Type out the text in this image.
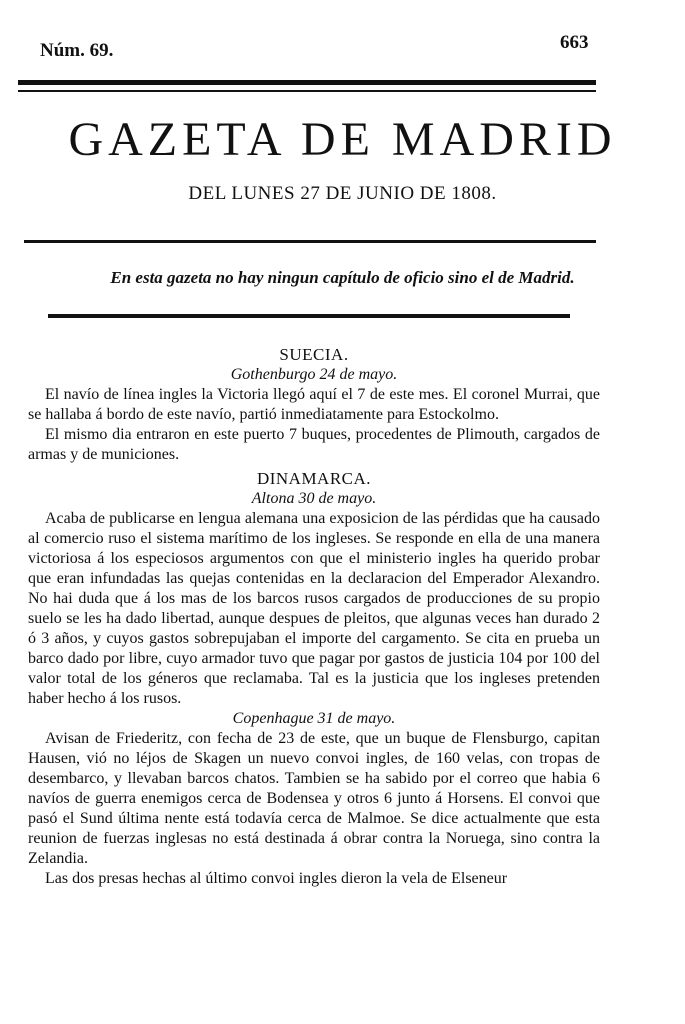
Núm. 69.	663
GAZETA DE MADRID
DEL LUNES 27 DE JUNIO DE 1808.
En esta gazeta no hay ningun capítulo de oficio sino el de Madrid.

SUECIA.

Gothenburgo 24 de mayo.

El navío de línea ingles la Victoria llegó aquí el 7 de este mes. El coronel Murrai, que se hallaba á bordo de este navío, partió inmediatamente para Estockolmo.

El mismo dia entraron en este puerto 7 buques, procedentes de Plimouth, cargados de armas y de municiones.

DINAMARCA.

Altona 30 de mayo.

Acaba de publicarse en lengua alemana una exposicion de las pérdidas que ha causado al comercio ruso el sistema marítimo de los ingleses. Se responde en ella de una manera victoriosa á los especiosos argumentos con que el ministerio ingles ha querido probar que eran infundadas las quejas contenidas en la declaracion del Emperador Alexandro. No hai duda que á los mas de los barcos rusos cargados de producciones de su propio suelo se les ha dado libertad, aunque despues de pleitos, que algunas veces han durado 2 ó 3 años, y cuyos gastos sobrepujaban el importe del cargamento. Se cita en prueba un barco dado por libre, cuyo armador tuvo que pagar por gastos de justicia 104 por 100 del valor total de los géneros que reclamaba. Tal es la justicia que los ingleses pretenden haber hecho á los rusos.

Copenhague 31 de mayo.

Avisan de Friederitz, con fecha de 23 de este, que un buque de Flensburgo, capitan Hausen, vió no léjos de Skagen un nuevo convoi ingles, de 160 velas, con tropas de desembarco, y llevaban barcos chatos. Tambien se ha sabido por el correo que habia 6 navíos de guerra enemigos cerca de Bodensea y otros 6 junto á Horsens. El convoi que pasó el Sund última nente está todavía cerca de Malmoe. Se dice actualmente que esta reunion de fuerzas inglesas no está destinada á obrar contra la Noruega, sino contra la Zelandia.

Las dos presas hechas al último convoi ingles dieron la vela de Elseneur
